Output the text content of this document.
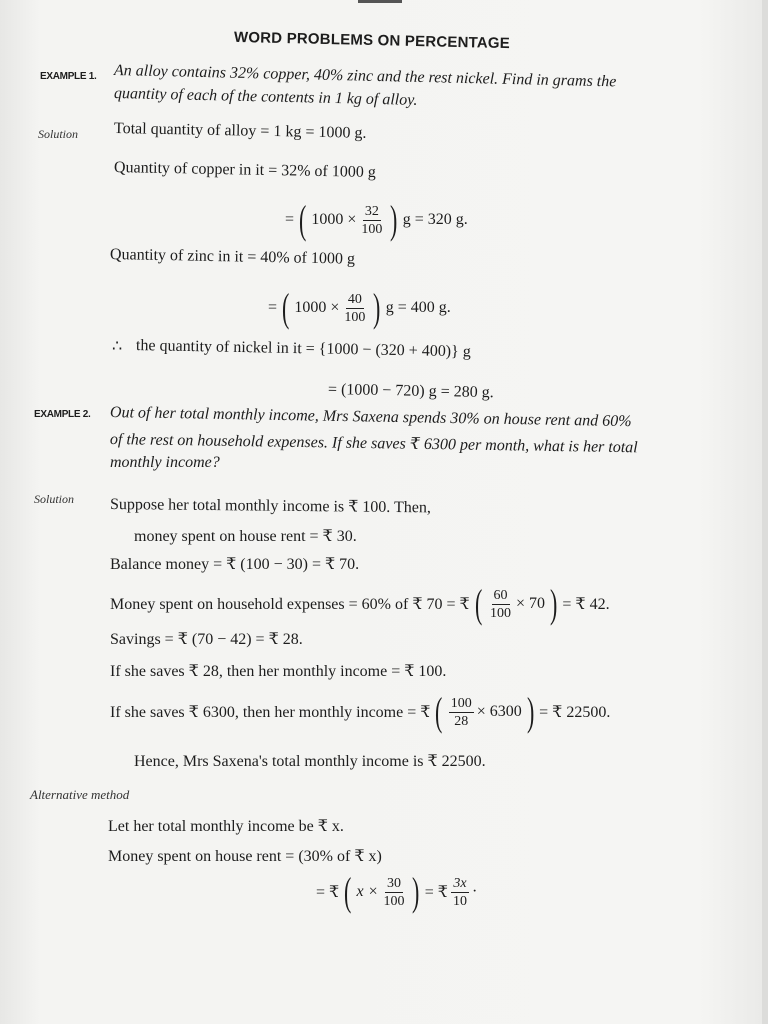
WORD PROBLEMS ON PERCENTAGE
EXAMPLE 1. An alloy contains 32% copper, 40% zinc and the rest nickel. Find in grams the
quantity of each of the contents in 1 kg of alloy.
Solution Total quantity of alloy = 1 kg = 1000 g.
Quantity of copper in it = 32% of 1000 g
= ( $1000 \times \frac{32}{100}$ ) g = 320 g.
Quantity of zinc in it = 40% of 1000 g
= ( $1000 \times \frac{40}{100}$ ) g = 400 g.
∴ the quantity of nickel in it = {1000 − (320 + 400)} g
= (1000 − 720) g = 280 g.
EXAMPLE 2. Out of her total monthly income, Mrs Saxena spends 30% on house rent and 60%
of the rest on household expenses. If she saves ₹ 6300 per month, what is her total
monthly income?
Solution Suppose her total monthly income is ₹ 100. Then,
money spent on house rent = ₹ 30.
Balance money = ₹ (100 − 30) = ₹ 70.
Money spent on household expenses = 60% of ₹ 70 = ₹ ( $\frac{60}{100} \times 70$ ) = ₹ 42.
Savings = ₹ (70 − 42) = ₹ 28.
If she saves ₹ 28, then her monthly income = ₹ 100.
If she saves ₹ 6300, then her monthly income = ₹ ( $\frac{100}{28} \times 6300$ ) = ₹ 22500.
Hence, Mrs Saxena's total monthly income is ₹ 22500.
Alternative method
Let her total monthly income be ₹ x.
Money spent on house rent = (30% of ₹ x)
= ₹ ( $x \times \frac{30}{100}$ ) = ₹ $\frac{3x}{10}$ ·
